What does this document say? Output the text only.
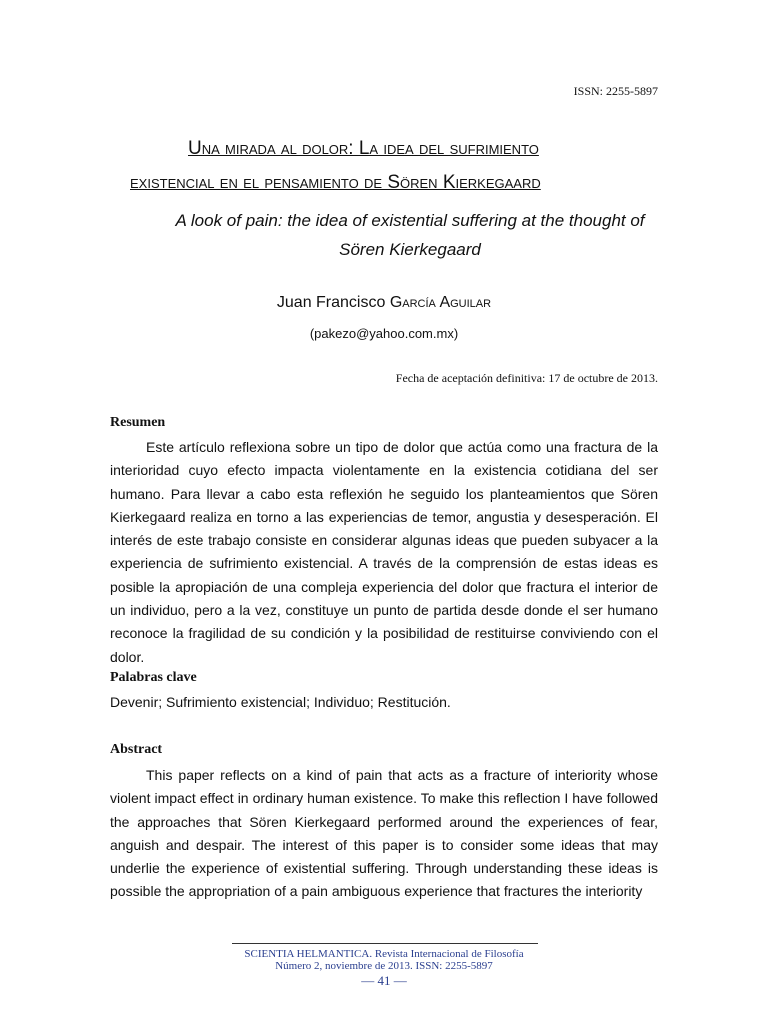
ISSN: 2255-5897
Una mirada al dolor: La idea del sufrimiento
existencial en el pensamiento de Sören Kierkegaard
A look of pain: the idea of existential suffering at the thought of
Sören Kierkegaard
Juan Francisco García Aguilar
(pakezo@yahoo.com.mx)
Fecha de aceptación definitiva: 17 de octubre de 2013.
Resumen
Este artículo reflexiona sobre un tipo de dolor que actúa como una fractura de la interioridad cuyo efecto impacta violentamente en la existencia cotidiana del ser humano. Para llevar a cabo esta reflexión he seguido los planteamientos que Sören Kierkegaard realiza en torno a las experiencias de temor, angustia y desesperación. El interés de este trabajo consiste en considerar algunas ideas que pueden subyacer a la experiencia de sufrimiento existencial. A través de la comprensión de estas ideas es posible la apropiación de una compleja experiencia del dolor que fractura el interior de un individuo, pero a la vez, constituye un punto de partida desde donde el ser humano reconoce la fragilidad de su condición y la posibilidad de restituirse conviviendo con el dolor.
Palabras clave
Devenir; Sufrimiento existencial; Individuo; Restitución.
Abstract
This paper reflects on a kind of pain that acts as a fracture of interiority whose violent impact effect in ordinary human existence. To make this reflection I have followed the approaches that Sören Kierkegaard performed around the experiences of fear, anguish and despair. The interest of this paper is to consider some ideas that may underlie the experience of existential suffering. Through understanding these ideas is possible the appropriation of a pain ambiguous experience that fractures the interiority
SCIENTIA HELMANTICA. Revista Internacional de Filosofía
Número 2, noviembre de 2013. ISSN: 2255-5897
— 41 —
